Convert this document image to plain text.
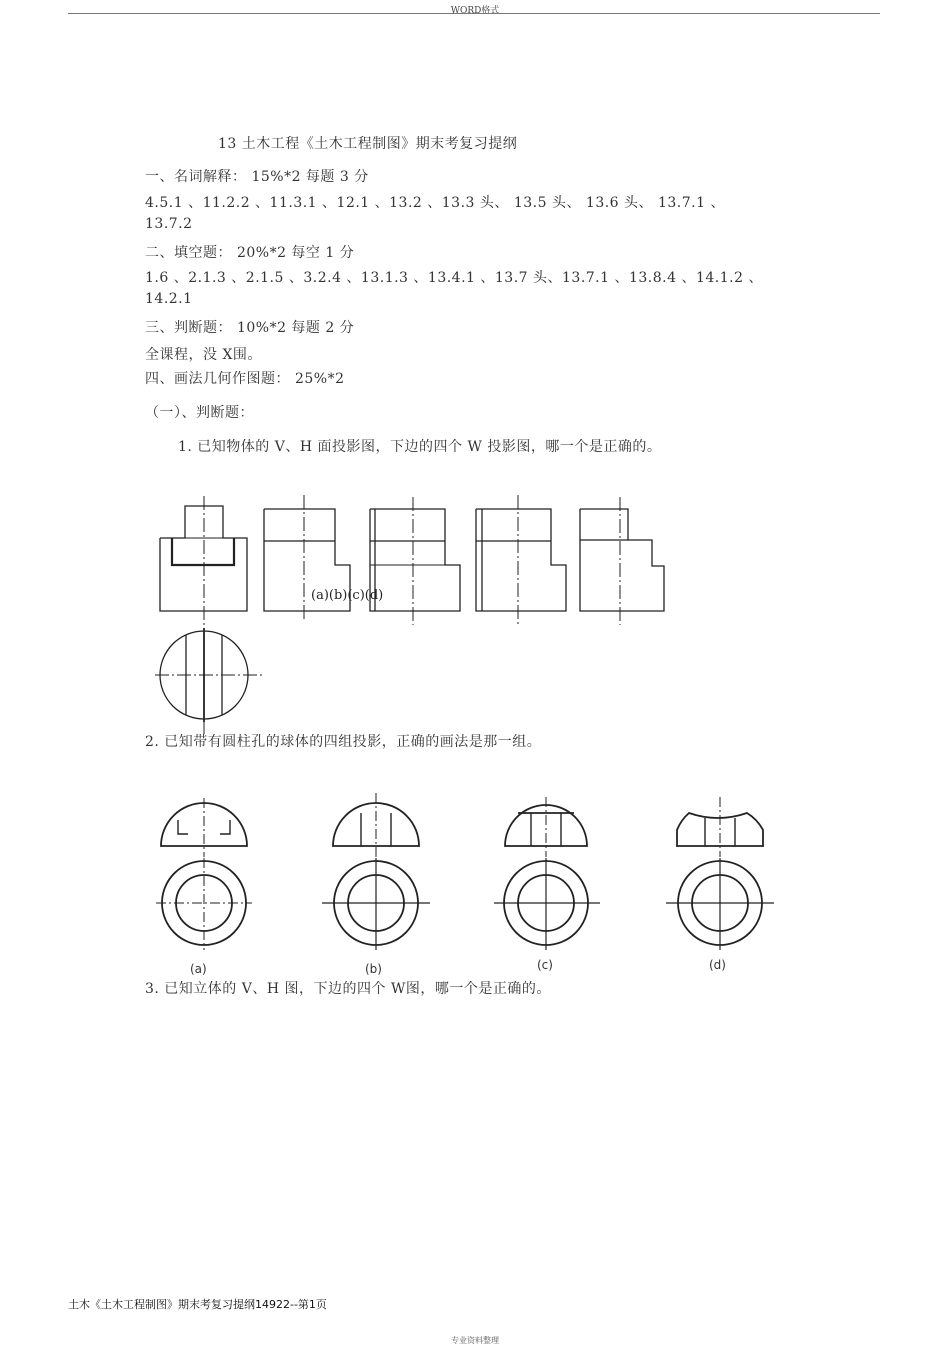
WORD格式
13 土木工程《土木工程制图》期末考复习提纲
一、名词解释： 15%*2 每题 3 分
4.5.1 、11.2.2 、11.3.1 、12.1 、13.2 、13.3 头、 13.5 头、 13.6 头、 13.7.1 、
13.7.2
二、填空题： 20%*2 每空 1 分
1.6 、2.1.3 、2.1.5 、3.2.4 、13.1.3 、13.4.1 、13.7 头、13.7.1 、13.8.4 、14.1.2 、
14.2.1
三、判断题： 10%*2 每题 2 分
全课程，没 X围。
四、画法几何作图题： 25%*2
（一）、判断题：
1. 已知物体的 V、H 面投影图，下边的四个 W 投影图，哪一个是正确的。
(a)(b)(c)(d)
2. 已知带有圆柱孔的球体的四组投影，正确的画法是那一组。
(a)	(b)	(c)	(d)
3. 已知立体的 V、H 图，下边的四个 W图，哪一个是正确的。
土木《土木工程制图》期末考复习提纲14922--第1页
专业资料整理
